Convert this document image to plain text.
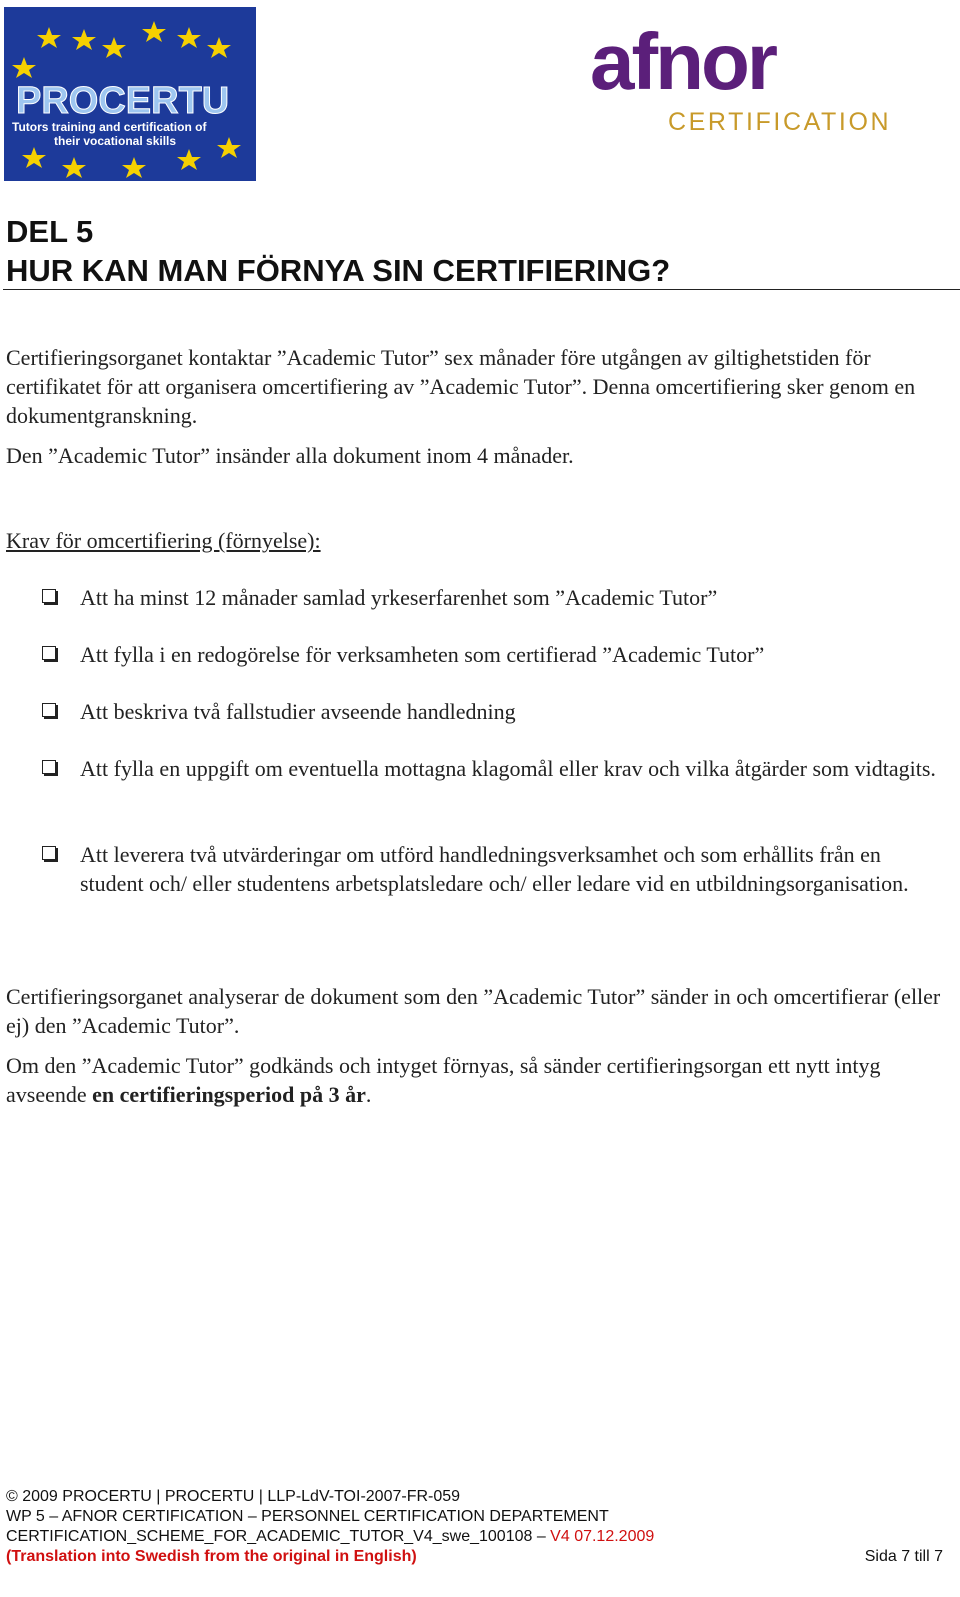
PROCERTU
Tutors training and certification of
their vocational skills
afnor
CERTIFICATION
DEL 5
HUR KAN MAN FÖRNYA SIN CERTIFIERING?
Certifieringsorganet kontaktar ”Academic Tutor” sex månader före utgången av giltighetstiden för certifikatet för att organisera omcertifiering av ”Academic Tutor”. Denna omcertifiering sker genom en dokumentgranskning.
Den ”Academic Tutor” insänder alla dokument inom 4 månader.
Krav för omcertifiering (förnyelse):
Att ha minst 12 månader samlad yrkeserfarenhet som ”Academic Tutor”
Att fylla i en redogörelse för verksamheten som certifierad ”Academic Tutor”
Att beskriva två fallstudier avseende handledning
Att fylla en uppgift om eventuella mottagna klagomål eller krav och vilka åtgärder som vidtagits.
Att leverera två utvärderingar om utförd handledningsverksamhet och som erhållits från en student och/ eller studentens arbetsplatsledare och/ eller ledare vid en utbildningsorganisation.
Certifieringsorganet analyserar de dokument som den ”Academic Tutor” sänder in och omcertifierar (eller ej) den ”Academic Tutor”.
Om den ”Academic Tutor” godkänds och intyget förnyas, så sänder certifieringsorgan ett nytt intyg avseende en certifieringsperiod på 3 år.
© 2009 PROCERTU | PROCERTU | LLP-LdV-TOI-2007-FR-059
WP 5 – AFNOR CERTIFICATION – PERSONNEL CERTIFICATION DEPARTEMENT
CERTIFICATION_SCHEME_FOR_ACADEMIC_TUTOR_V4_swe_100108 – V4 07.12.2009
(Translation into Swedish from the original in English)	Sida 7 till 7
